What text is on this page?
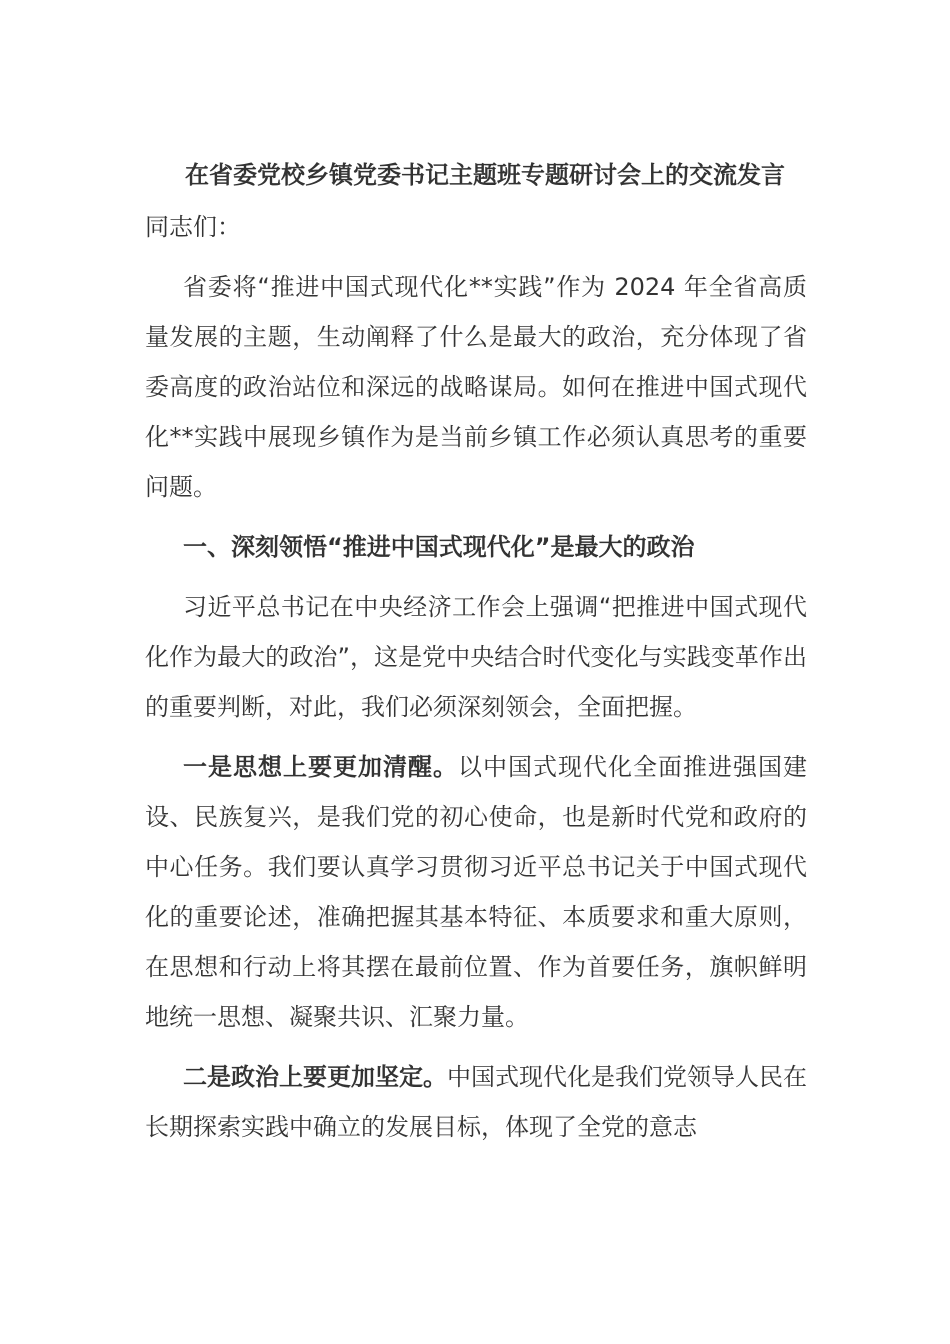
在省委党校乡镇党委书记主题班专题研讨会上的交流发言

同志们：

省委将“推进中国式现代化**实践”作为 2024 年全省高质量发展的主题，生动阐释了什么是最大的政治，充分体现了省委高度的政治站位和深远的战略谋局。如何在推进中国式现代化**实践中展现乡镇作为是当前乡镇工作必须认真思考的重要问题。

一、深刻领悟“推进中国式现代化”是最大的政治

习近平总书记在中央经济工作会上强调“把推进中国式现代化作为最大的政治”，这是党中央结合时代变化与实践变革作出的重要判断，对此，我们必须深刻领会，全面把握。

一是思想上要更加清醒。以中国式现代化全面推进强国建设、民族复兴，是我们党的初心使命，也是新时代党和政府的中心任务。我们要认真学习贯彻习近平总书记关于中国式现代化的重要论述，准确把握其基本特征、本质要求和重大原则，在思想和行动上将其摆在最前位置、作为首要任务，旗帜鲜明地统一思想、凝聚共识、汇聚力量。

二是政治上要更加坚定。中国式现代化是我们党领导人民在长期探索实践中确立的发展目标，体现了全党的意志
